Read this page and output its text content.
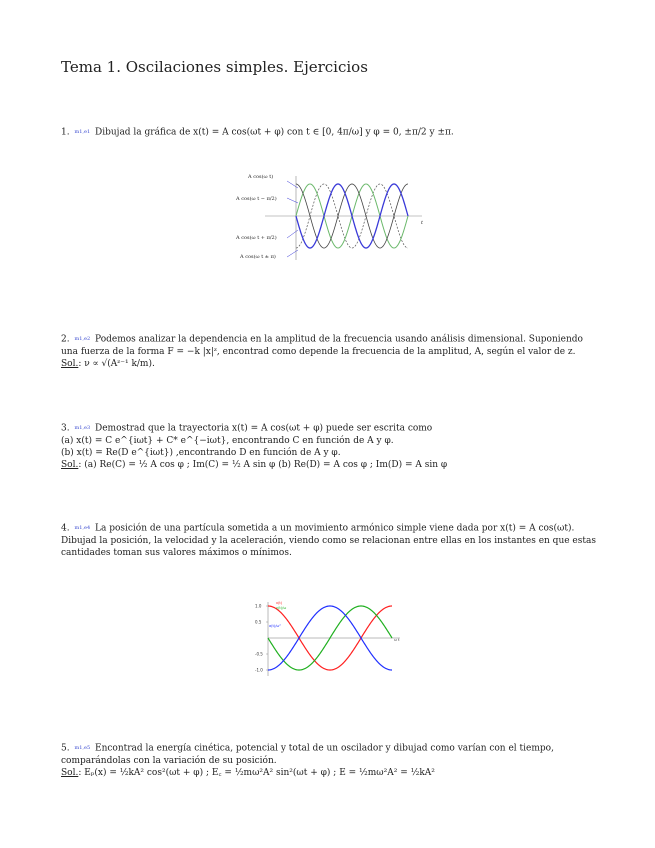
Tema 1. Oscilaciones simples. Ejercicios
1. m1,e1 Dibujad la gráfica de x(t) = A cos(ωt + φ) con t ∈ [0, 4π/ω] y φ = 0, ±π/2 y ±π.
t
A cos(ω t)
A cos(ω t − π/2)
A cos(ω t + π/2)
A cos(ω t ± π)
2. m1,e2 Podemos analizar la dependencia en la amplitud de la frecuencia usando análisis dimensional. Suponiendo
una fuerza de la forma F = −k |x|ᶻ, encontrad como depende la frecuencia de la amplitud, A, según el valor de z.
Sol.: ν ∝ √(Aᶻ⁻¹ k/m).
3. m1,e3 Demostrad que la trayectoria x(t) = A cos(ωt + φ) puede ser escrita como
(a) x(t) = C e^{iωt} + C* e^{−iωt}, encontrando C en función de A y φ.
(b) x(t) = Re(D e^{iωt}) ,encontrando D en función de A y φ.
Sol.: (a) Re(C) = ½ A cos φ ; Im(C) = ½ A sin φ (b) Re(D) = A cos φ ; Im(D) = A sin φ
4. m1,e4 La posición de una partícula sometida a un movimiento armónico simple viene dada por x(t) = A cos(ωt).
Dibujad la posición, la velocidad y la aceleración, viendo como se relacionan entre ellas en los instantes en que estas
cantidades toman sus valores máximos o mínimos.
1.0
0.5
-0.5
-1.0
ω t
x(t)
v(t)/ω
a(t)/ω²
5. m1,e5 Encontrad la energía cinética, potencial y total de un oscilador y dibujad como varían con el tiempo,
comparándolas con la variación de su posición.
Sol.: Eₚ(x) = ½kA² cos²(ωt + φ) ; E꜀ = ½mω²A² sin²(ωt + φ) ; E = ½mω²A² = ½kA²
